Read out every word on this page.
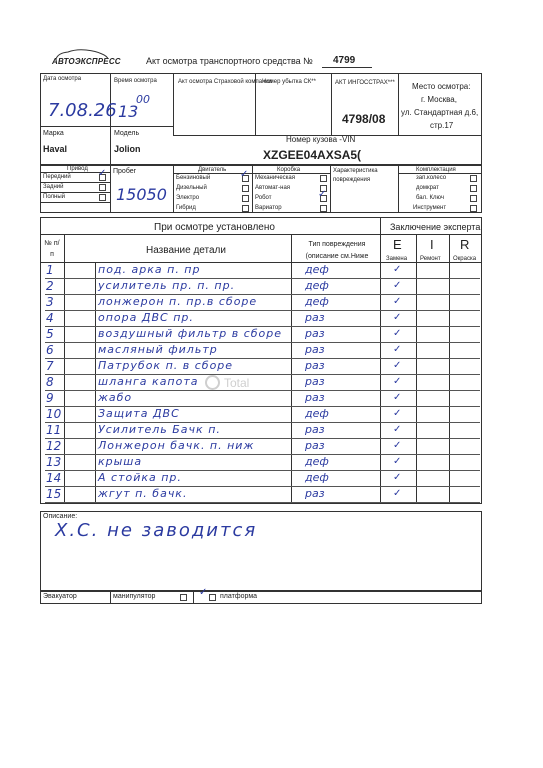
АВТОЭКСПРЕСС	Акт осмотра транспортного средства № 4799
Дата осмотра	Время осмотра	Акт осмотра Страховой компании
Номер убытка СК**	АКТ ИНГОССТРАХ*** Место осмотра:
г. Москва,
ул. Стандартная д.6,
стр.17
7.08.26 13
00
4798/08
Марка
Haval
Модель
Jolion
Номер кузова -VIN
XZGEE04AXSA5(
Привод
Передний
Задний
Полный
✓ Пробег
15050
Двигатель
Бензиновый
Дизельный
Электро
Гибрид
✓	Коробка
Механическая
Автомат-ная
Робот
Вариатор
✓
Характеристика повреждения
Комплектация
зап.колесо
домкрат
бал. Ключ
Инструмент
При осмотре установлено	Заключение эксперта
№ п/п	Название детали
Тип повреждения (описание см.Ниже
E I R
Замена Ремонт Окраска
1	под. арка п. пр	деф	✓
2	усилитель пр. п. пр.	деф	✓
3	лонжерон п. пр.в сборе	деф	✓
4	опора ДВС пр.	раз	✓
5	воздушный фильтр в сборе раз	✓
6	масляный фильтр	раз	✓
7	Патрубок п. в сборе	раз	✓
8	шланга капота	раз	✓
9	жабо	раз	✓
10	Защита ДВС	деф	✓
11	Усилитель Бачк п.	раз	✓
12	Лонжерон бачк. п. ниж	раз	✓
13	крыша	деф	✓
14	А стойка пр.	деф	✓
15	жгут п. бачк.	раз	✓
Total
Описание:
Х.С. не заводится
Эвакуатор	манипулятор	платформа
✓
